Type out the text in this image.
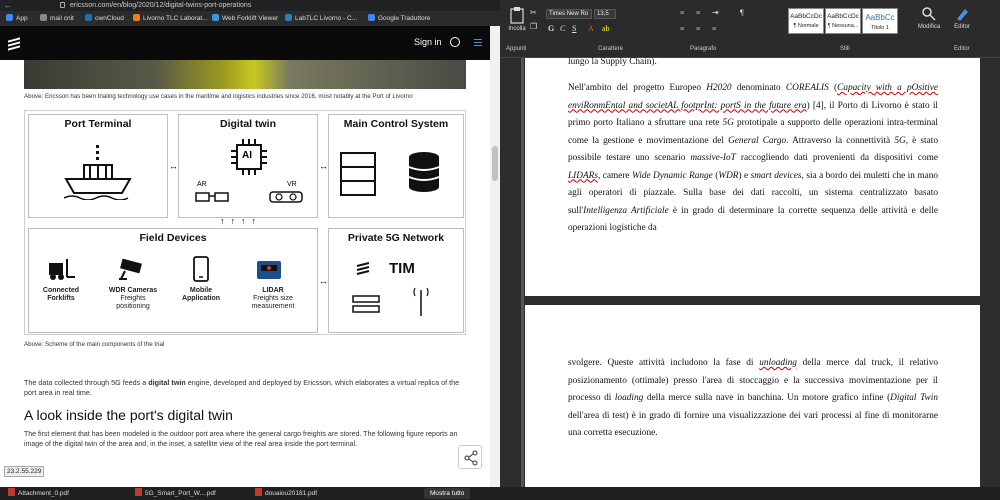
←	ericsson.com/en/blog/2020/12/digital-twins-port-operations
App	mail cnit	ownCloud	Livorno TLC Laborat...	Web Forklift Viewer	LabTLC Livorno - C...	Google Traduttore
Sign in
Above: Ericsson has been trialing technology use cases in the maritime and logistics industries since 2016, most notably at the Port of Livorno
Port Terminal
↔
Digital twin
AI
AR	VR
↔
Main Control System
↑↑↑↑
Field Devices
Connected
Forklifts
WDR Cameras
Freights
positioning
Mobile
Application
LIDAR
Freights size
measurement
↔
Private 5G Network
TIM
Above: Scheme of the main components of the trial
The data collected through 5G feeds a digital twin engine, developed and deployed by Ericsson, which elaborates a virtual replica of the port area in real time.
A look inside the port's digital twin
The first element that has been modeled is the outdoor port area where the general cargo freights are stored. The following figure reports an image of the digital twin of the area and, in the inset, a satellite view of the real area inside the port terminal.
23.2.55.229
Incolla
✂
❐
Times New Ro	13,5
G C S A ab
≡ ≡ ⇥
≡ ≡ ≡
¶	AaBbCcDc
¶ Normale
AaBbCcDc
¶ Nessuna...
AaBbCc
Titolo 1	Modifica	Editor
Appunti	Carattere	Paragrafo	Stili	Editor
lungo la Supply Chain).
Nell'ambito del progetto Europeo H2020 denominato COREALIS (Capacity with a pOsitive enviRonmEntal and societAL footprInt: portS in the future era) [4], il Porto di Livorno è stato il primo porto Italiano a sfruttare una rete 5G prototipale a supporto delle operazioni intra-terminal come la gestione e movimentazione del General Cargo. Attraverso la connettività 5G, è stato possibile testare uno scenario massive-IoT raccogliendo dati provenienti da dispositivi come LIDARs, camere Wide Dynamic Range (WDR) e smart devices, sia a bordo dei muletti che in mano agli operatori di piazzale. Sulla base dei dati raccolti, un sistema centralizzato basato sull'Intelligenza Artificiale è in grado di determinare la corrette sequenza delle attività e delle operazioni logistiche da
svolgere. Queste attività includono la fase di unloading della merce dal truck, il relativo posizionamento (ottimale) presso l'area di stoccaggio e la successiva movimentazione per il processo di loading della merce sulla nave in banchina. Un motore grafico infine (Digital Twin dell'area di test) è in grado di fornire una visualizzazione dei vari processi al fine di monitorarne una corretta esecuzione.
Attachment_0.pdf	5G_Smart_Port_W....pdf	douaiou20181.pdf	Mostra tutto
